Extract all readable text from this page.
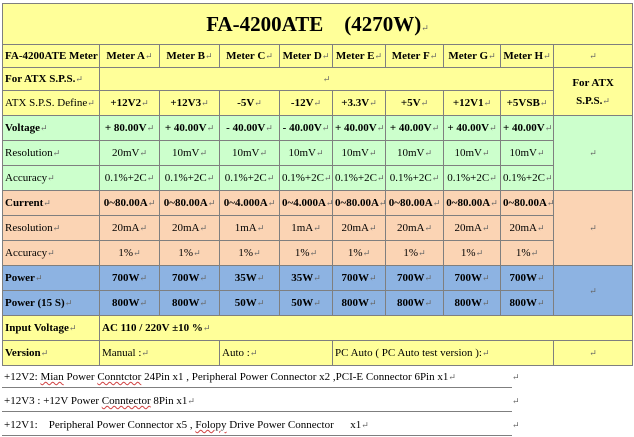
FA-4200ATE    (4270W)↵									
FA-4200ATE Meter	Meter A↵	Meter B↵	Meter C↵	Meter D↵	Meter E↵	Meter F↵	Meter G↵	Meter H↵	↵
For ATX S.P.S.↵	↵								For ATX S.P.S.↵
ATX S.P.S. Define↵	+12V2↵	+12V3↵	-5V↵	-12V↵	+3.3V↵	+5V↵	+12V1↵	+5VSB↵	
Voltage↵	+ 80.00V↵	+ 40.00V↵	- 40.00V↵	- 40.00V↵	+ 40.00V↵	+ 40.00V↵	+ 40.00V↵	+ 40.00V↵	↵
Resolution↵	20mV↵	10mV↵	10mV↵	10mV↵	10mV↵	10mV↵	10mV↵	10mV↵	
Accuracy↵	0.1%+2C↵	0.1%+2C↵	0.1%+2C↵	0.1%+2C↵	0.1%+2C↵	0.1%+2C↵	0.1%+2C↵	0.1%+2C↵	
Current↵	0~80.00A↵	0~80.00A↵	0~4.000A↵	0~4.000A↵	0~80.00A↵	0~80.00A↵	0~80.00A↵	0~80.00A↵	↵
Resolution↵	20mA↵	20mA↵	1mA↵	1mA↵	20mA↵	20mA↵	20mA↵	20mA↵	
Accuracy↵	1%↵	1%↵	1%↵	1%↵	1%↵	1%↵	1%↵	1%↵	
Power↵	700W↵	700W↵	35W↵	35W↵	700W↵	700W↵	700W↵	700W↵	↵
Power (15 S)↵	800W↵	800W↵	50W↵	50W↵	800W↵	800W↵	800W↵	800W↵	
Input Voltage↵	AC 110 / 220V ±10 %↵								
Version↵	Manual :↵		Auto :↵		PC Auto ( PC Auto test version ):↵				↵
+12V2: Mian Power Conntctor 24Pin x1 , Peripheral Power Connector x2 ,PCI-E Connector 6Pin x1↵	↵
+12V3 : +12V Power Conntector 8Pin x1↵	↵
+12V1:    Peripheral Power Connector x5 , Folopy Drive Power Connector      x1↵	↵
